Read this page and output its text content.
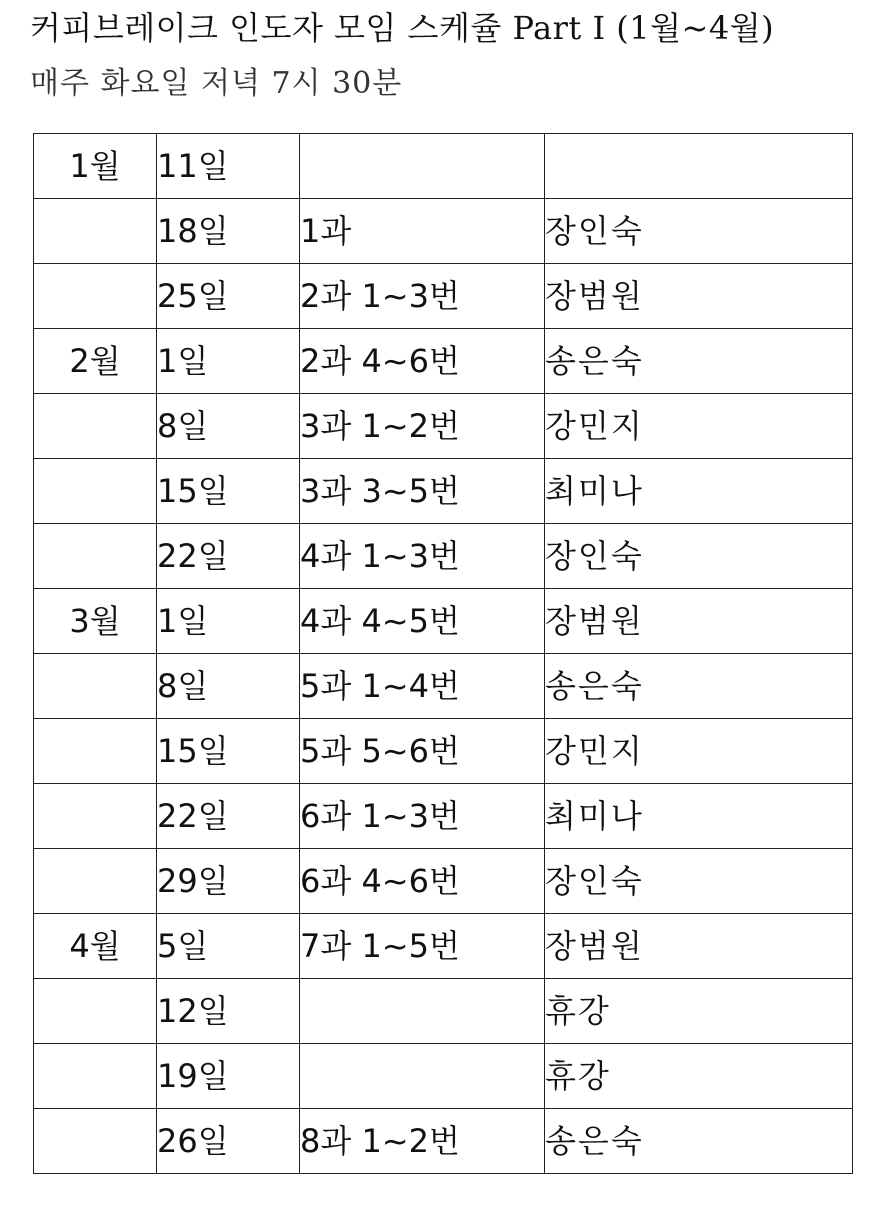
커피브레이크 인도자 모임 스케쥴 Part I (1월~4월)
매주 화요일 저녁 7시 30분
1월	11일		
	18일	1과	장인숙
	25일	2과 1~3번	장범원
2월	1일	2과 4~6번	송은숙
	8일	3과 1~2번	강민지
	15일	3과 3~5번	최미나
	22일	4과 1~3번	장인숙
3월	1일	4과 4~5번	장범원
	8일	5과 1~4번	송은숙
	15일	5과 5~6번	강민지
	22일	6과 1~3번	최미나
	29일	6과 4~6번	장인숙
4월	5일	7과 1~5번	장범원
	12일		휴강
	19일		휴강
	26일	8과 1~2번	송은숙
